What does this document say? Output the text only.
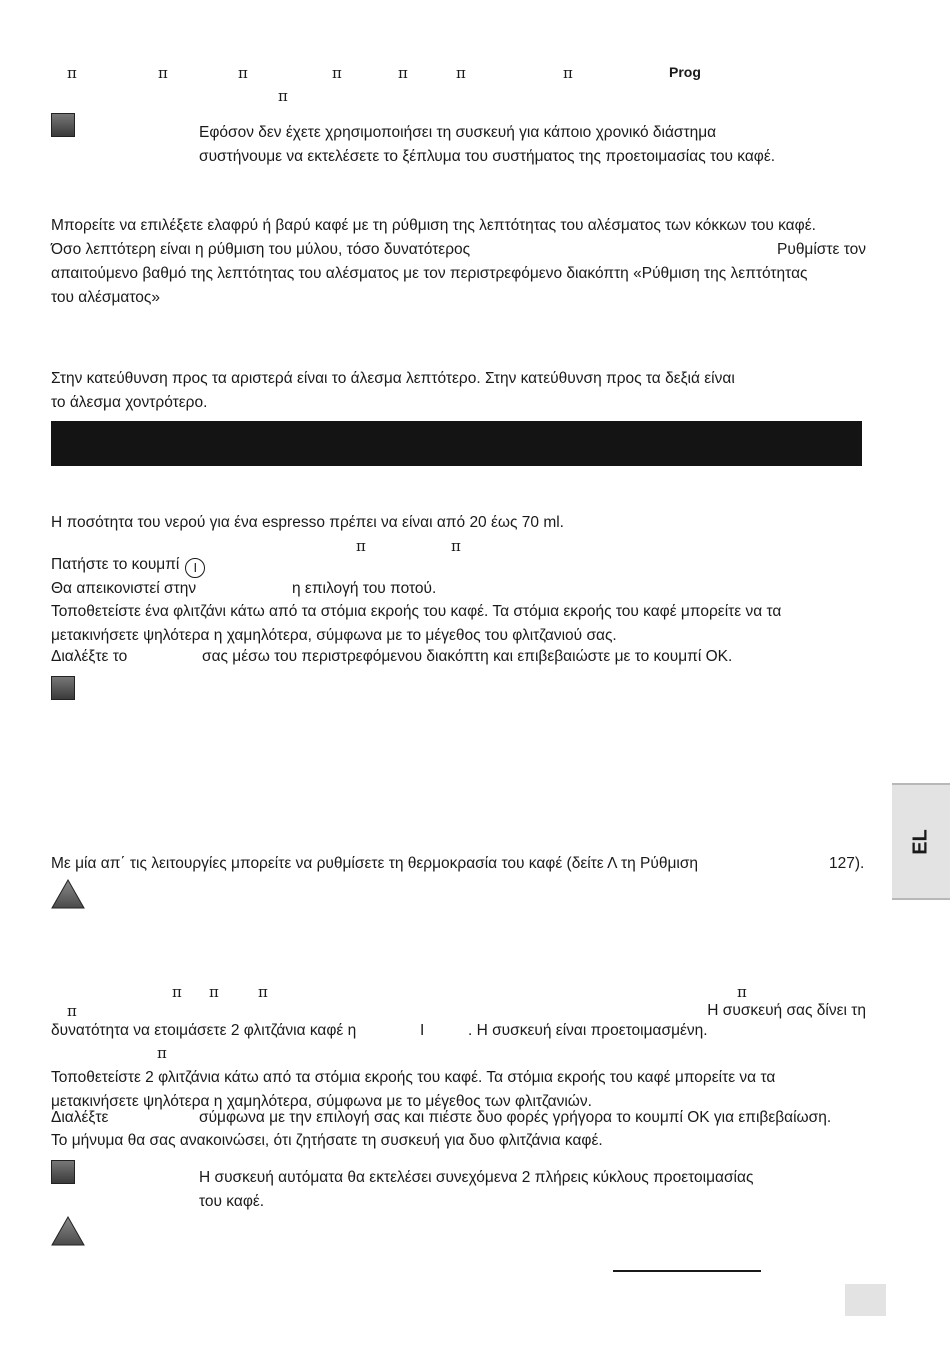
π	π	π	π	π	π	π	Prog
π
Εφόσον δεν έχετε χρησιμοποιήσει τη συσκευή για κάποιο χρονικό διάστημα
συστήνουμε να εκτελέσετε το ξέπλυμα του συστήματος της προετοιμασίας του καφέ.
Μπορείτε να επιλέξετε ελαφρύ ή βαρύ καφέ με τη ρύθμιση της λεπτότητας του αλέσματος των κόκκων του καφέ.
Όσο λεπτότερη είναι η ρύθμιση του μύλου, τόσο δυνατότερος	Ρυθμίστε τον
απαιτούμενο βαθμό της λεπτότητας του αλέσματος με τον περιστρεφόμενο διακόπτη «Ρύθμιση της λεπτότητας
του αλέσματος»
Στην κατεύθυνση προς τα αριστερά είναι το άλεσμα λεπτότερο. Στην κατεύθυνση προς τα δεξιά είναι
το άλεσμα χοντρότερο.
Η ποσότητα του νερού για ένα espresso πρέπει να είναι από 20 έως 70 ml.
π	π
Πατήστε το κουμπί I
Θα απεικονιστεί στην	η επιλογή του ποτού.
Τοποθετείστε ένα φλιτζάνι κάτω από τα στόμια εκροής του καφέ. Τα στόμια εκροής του καφέ μπορείτε να τα
μετακινήσετε ψηλότερα η χαμηλότερα, σύμφωνα με το μέγεθος του φλιτζανιού σας.
Διαλέξτε το	σας μέσω του περιστρεφόμενου διακόπτη και επιβεβαιώστε με το κουμπί OK.
Με μία απ΄ τις λειτουργίες μπορείτε να ρυθμίσετε τη θερμοκρασία του καφέ (δείτε Λ τη Ρύθμιση	127).
EL
π π	π	π
π	Η συσκευή σας δίνει τη
δυνατότητα να ετοιμάσετε 2 φλιτζάνια καφέ η	I	. Η συσκευή είναι προετοιμασμένη.
π
Τοποθετείστε 2 φλιτζάνια κάτω από τα στόμια εκροής του καφέ. Τα στόμια εκροής του καφέ μπορείτε να τα
μετακινήσετε ψηλότερα η χαμηλότερα, σύμφωνα με το μέγεθος των φλιτζανιών.
Διαλέξτε	σύμφωνα με την επιλογή σας και πιέστε δυο φορές γρήγορα το κουμπί OK για επιβεβαίωση.
Το μήνυμα θα σας ανακοινώσει, ότι ζητήσατε τη συσκευή για δυο φλιτζάνια καφέ.
Η συσκευή αυτόματα θα εκτελέσει συνεχόμενα 2 πλήρεις κύκλους προετοιμασίας
του καφέ.
